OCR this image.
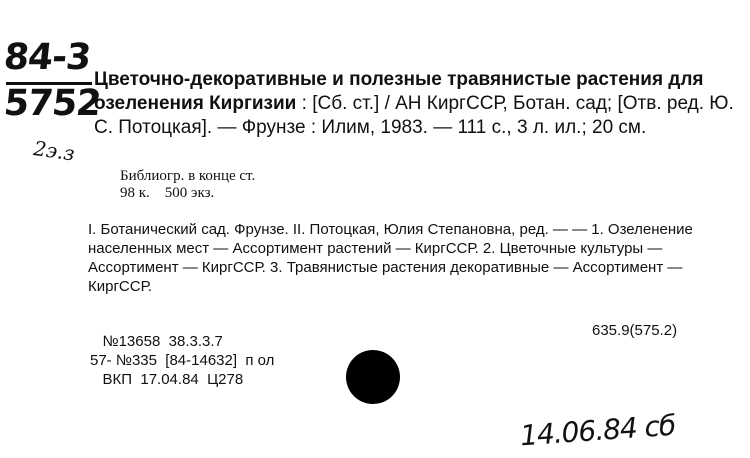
84-3
5752
2э.з
Цветочно-декоративные и полезные травянистые растения для озеленения Киргизии : [Сб. ст.] / АН КиргССР, Ботан. сад; [Отв. ред. Ю. С. Потоцкая]. — Фрунзе : Илим, 1983. — 111 с., 3 л. ил.; 20 см.
Библиогр. в конце ст.
98 к.    500 экз.
I. Ботанический сад. Фрунзе. II. Потоцкая, Юлия Степановна, ред. — — 1. Озеленение населенных мест — Ассортимент растений — КиргССР. 2. Цветочные культуры — Ассортимент — КиргССР. 3. Травянистые растения декоративные — Ассортимент — КиргССР.
635.9(575.2)
№13658  38.3.3.7
57- №335  [84-14632]  п ол
ВКП  17.04.84  Ц278
14.06.84 сб
